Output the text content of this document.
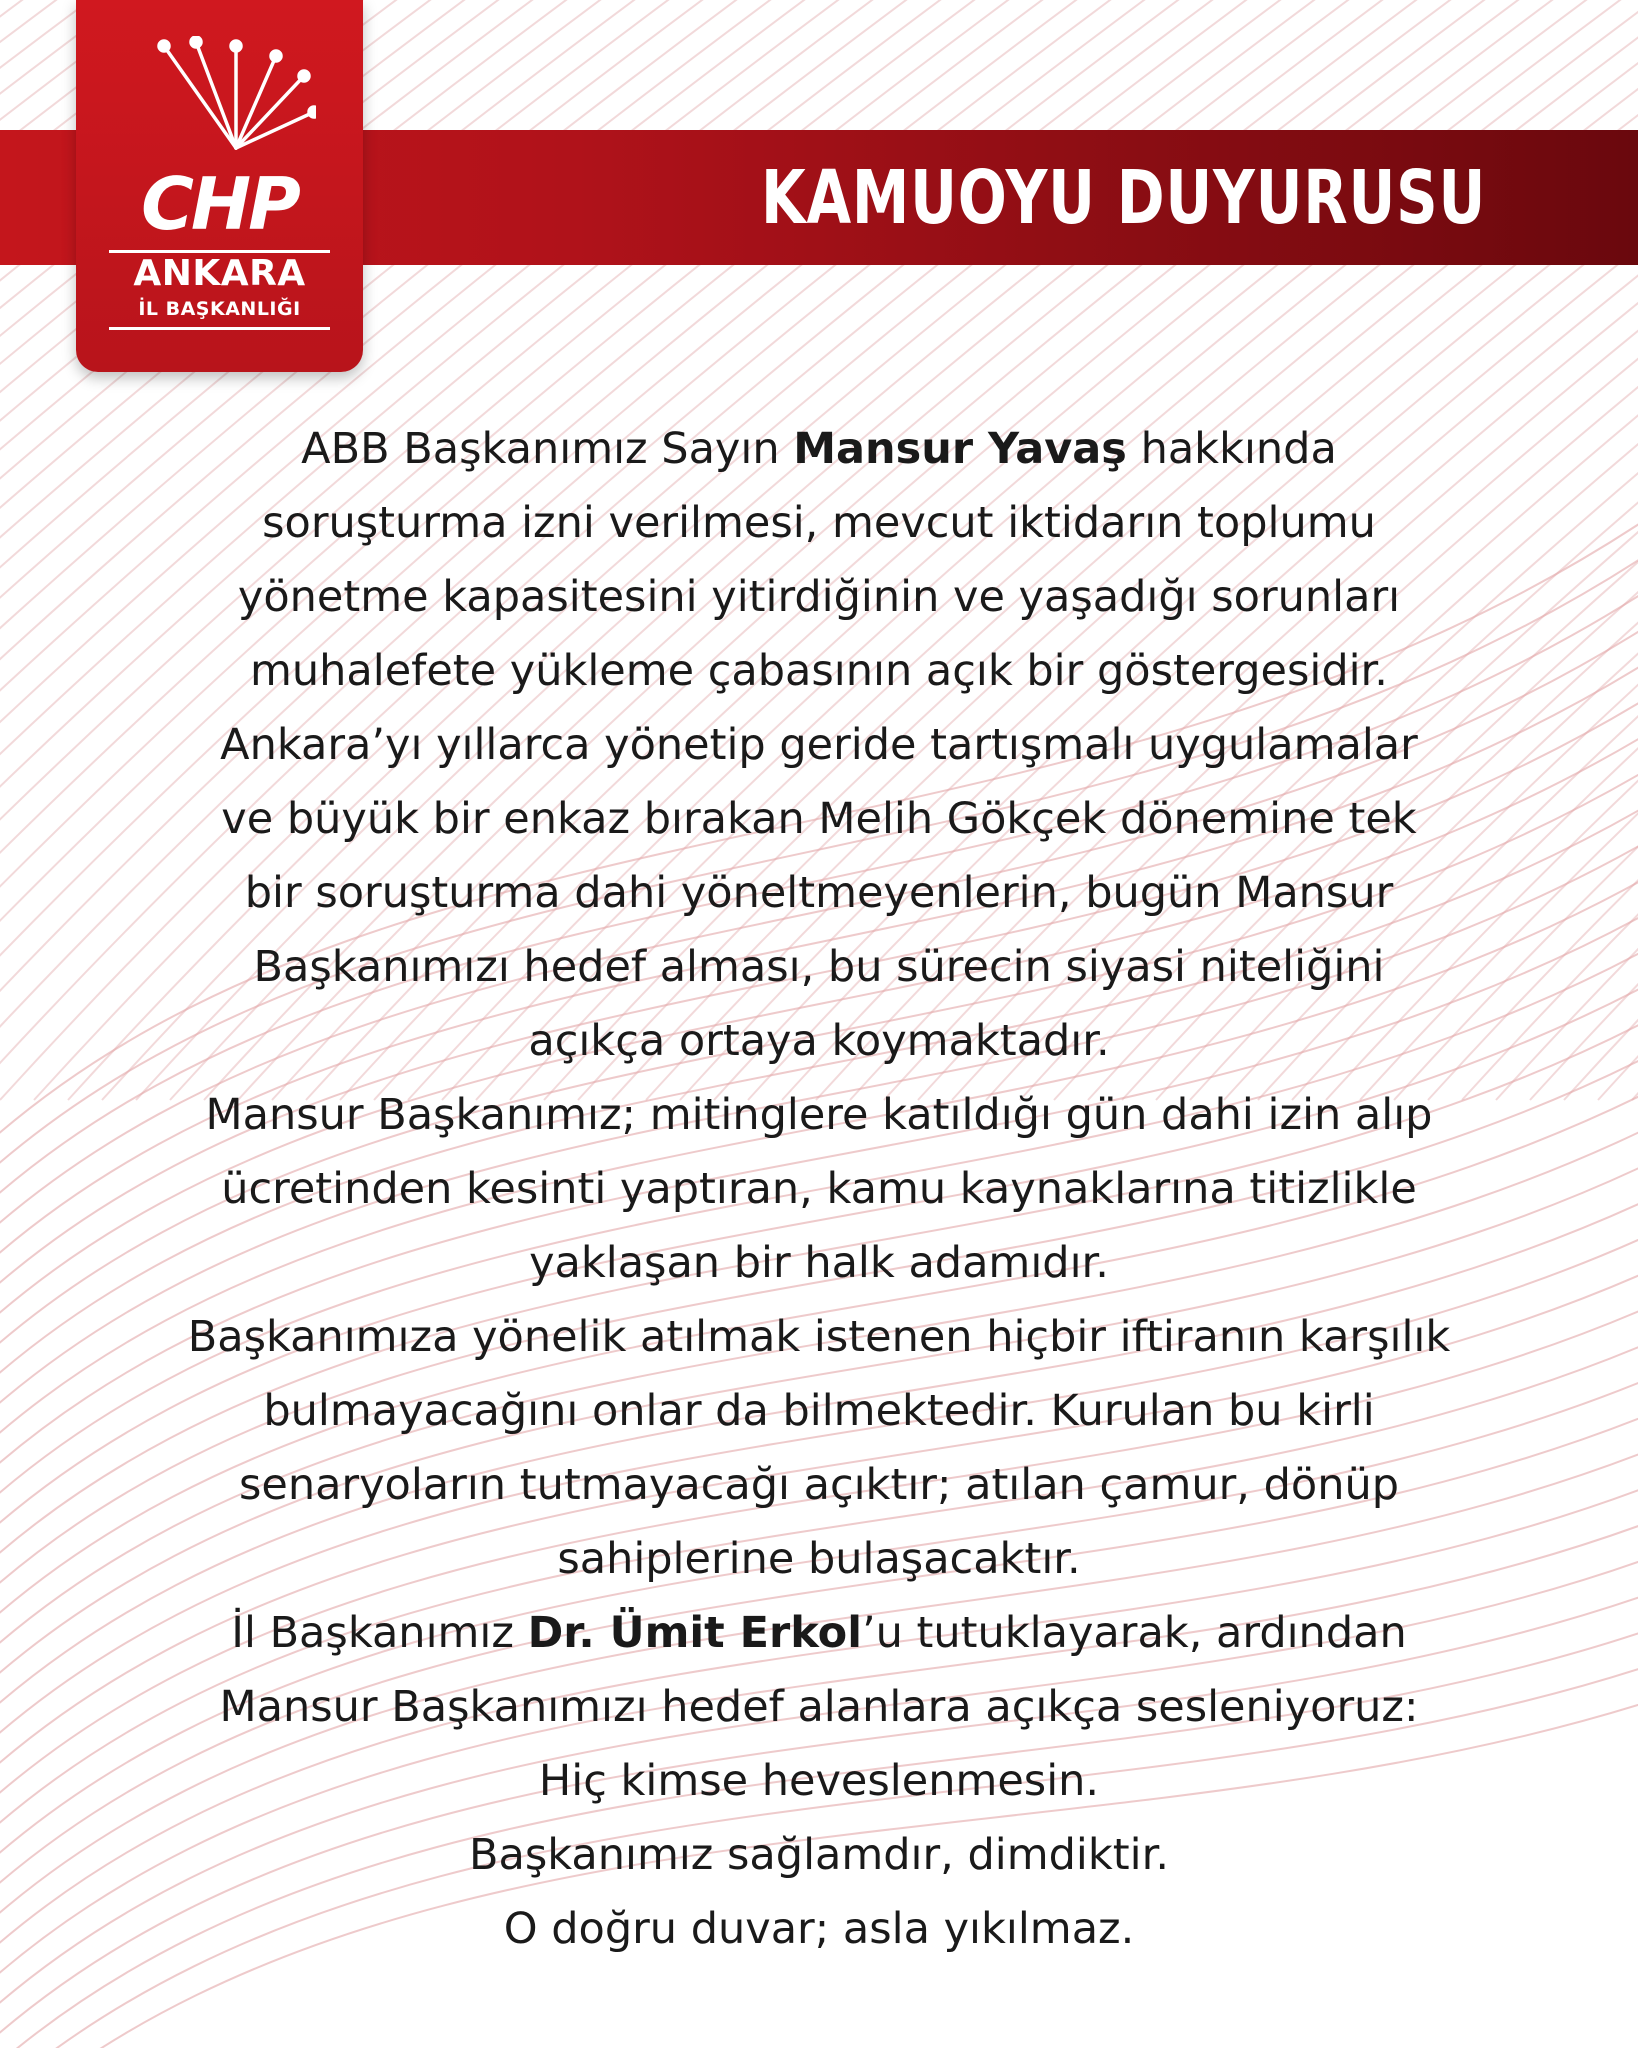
KAMUOYU DUYURUSU
CHP
ANKARA
İL BAŞKANLIĞI
ABB Başkanımız Sayın Mansur Yavaş hakkında
soruşturma izni verilmesi, mevcut iktidarın toplumu
yönetme kapasitesini yitirdiğinin ve yaşadığı sorunları
muhalefete yükleme çabasının açık bir göstergesidir.
Ankara’yı yıllarca yönetip geride tartışmalı uygulamalar
ve büyük bir enkaz bırakan Melih Gökçek dönemine tek
bir soruşturma dahi yöneltmeyenlerin, bugün Mansur
Başkanımızı hedef alması, bu sürecin siyasi niteliğini
açıkça ortaya koymaktadır.
Mansur Başkanımız; mitinglere katıldığı gün dahi izin alıp
ücretinden kesinti yaptıran, kamu kaynaklarına titizlikle
yaklaşan bir halk adamıdır.
Başkanımıza yönelik atılmak istenen hiçbir iftiranın karşılık
bulmayacağını onlar da bilmektedir. Kurulan bu kirli
senaryoların tutmayacağı açıktır; atılan çamur, dönüp
sahiplerine bulaşacaktır.
İl Başkanımız Dr. Ümit Erkol’u tutuklayarak, ardından
Mansur Başkanımızı hedef alanlara açıkça sesleniyoruz:
Hiç kimse heveslenmesin.
Başkanımız sağlamdır, dimdiktir.
O doğru duvar; asla yıkılmaz.
